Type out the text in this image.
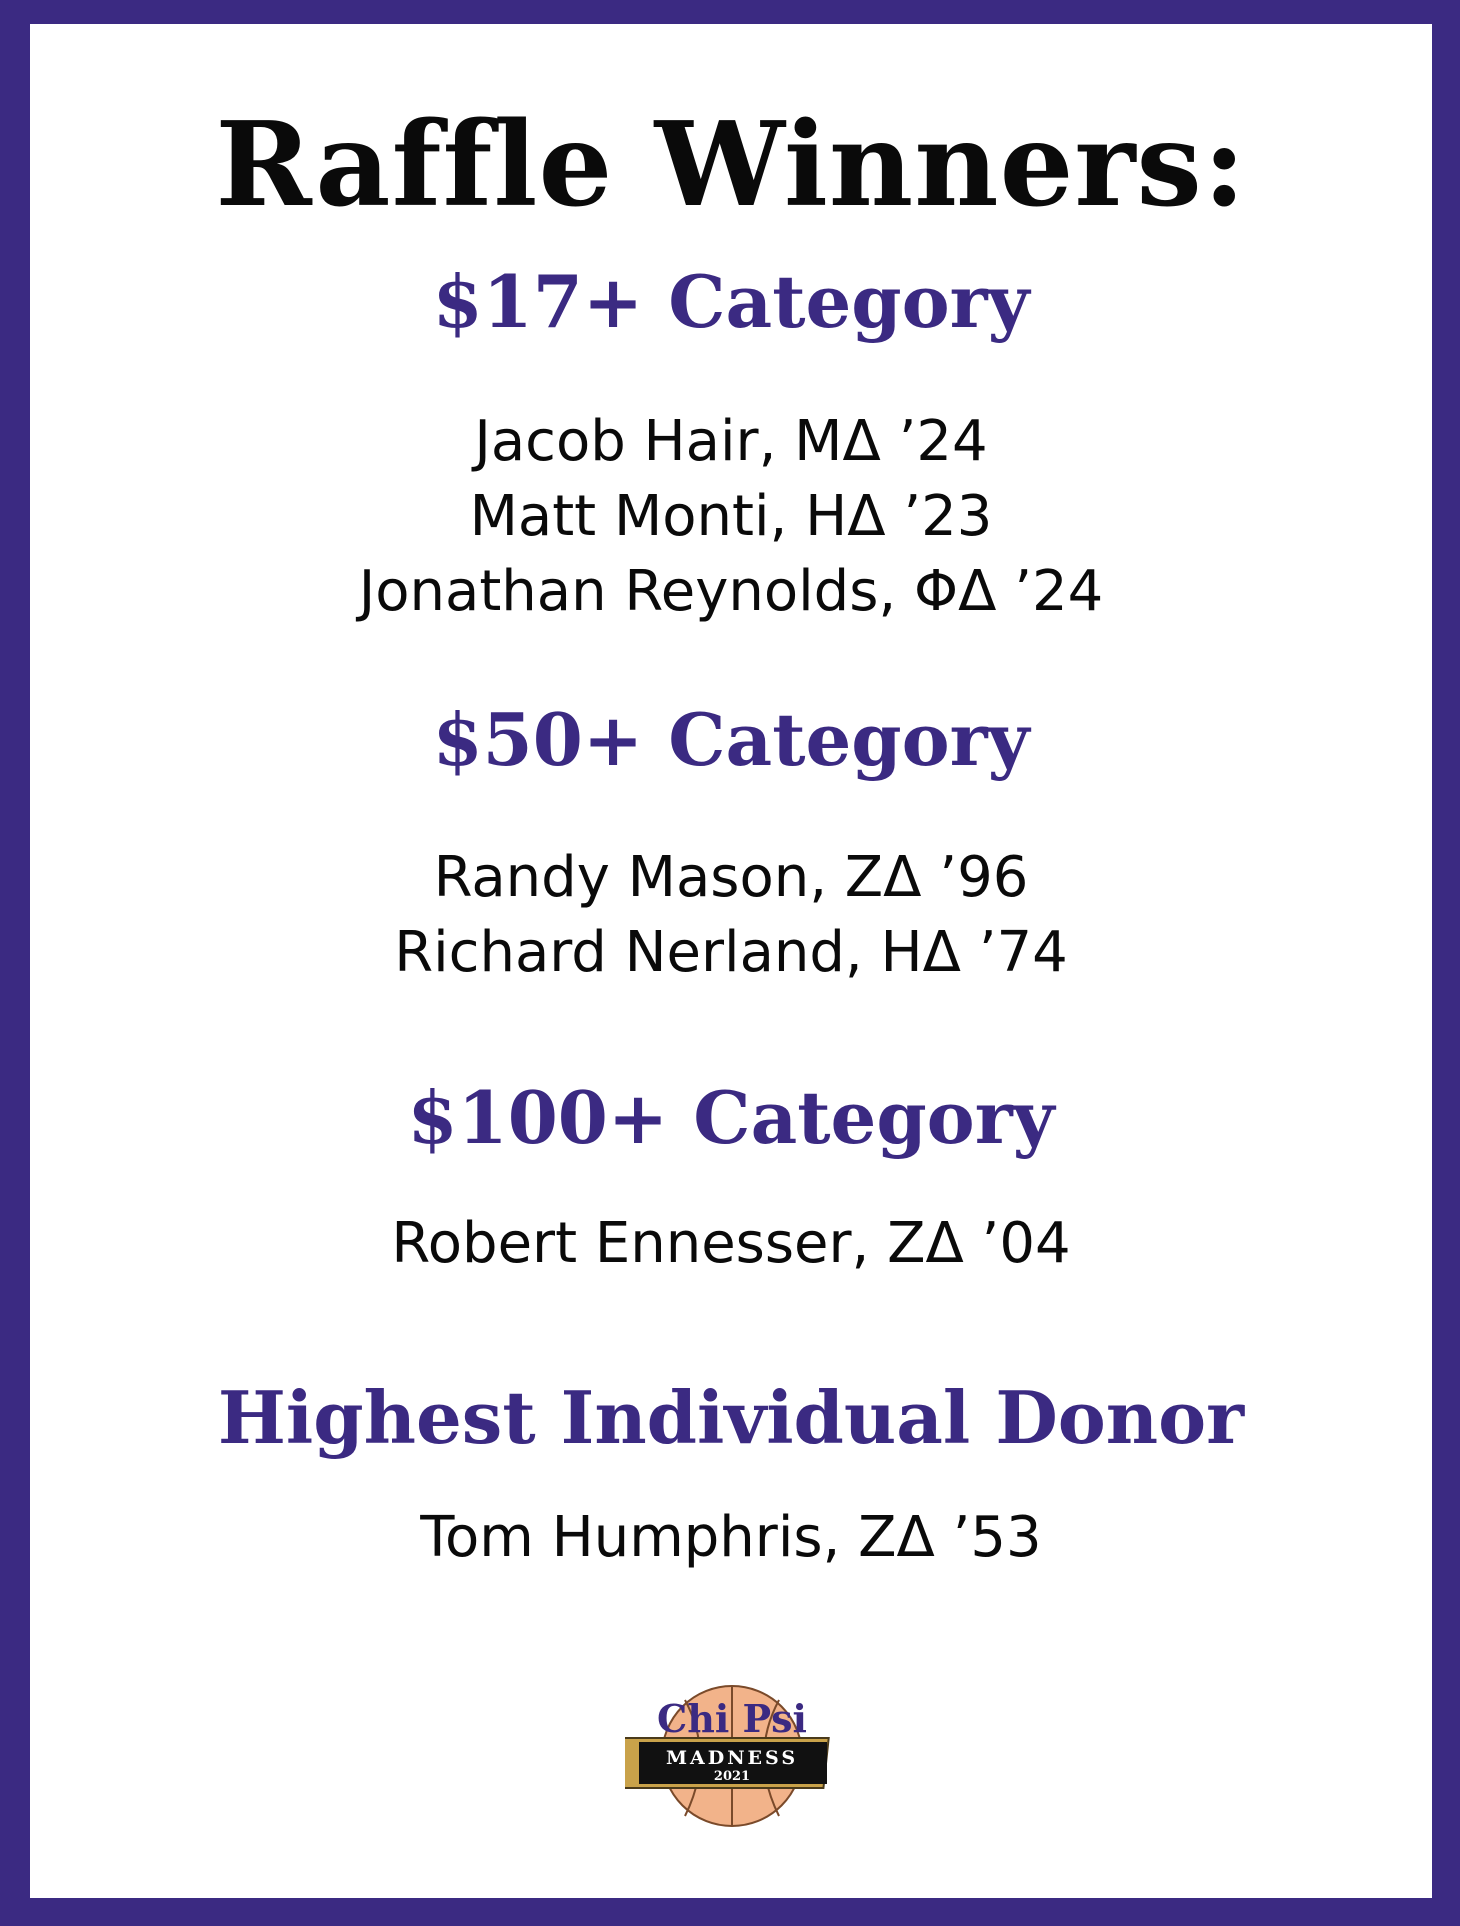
Raffle Winners:
$17+ Category
Jacob Hair, MΔ ’24
Matt Monti, HΔ ’23
Jonathan Reynolds, ΦΔ ’24
$50+ Category
Randy Mason, ZΔ ’96
Richard Nerland, HΔ ’74
$100+ Category
Robert Ennesser, ZΔ ’04
Highest Individual Donor
Tom Humphris, ZΔ ’53
Chi Psi
MADNESS
2021
